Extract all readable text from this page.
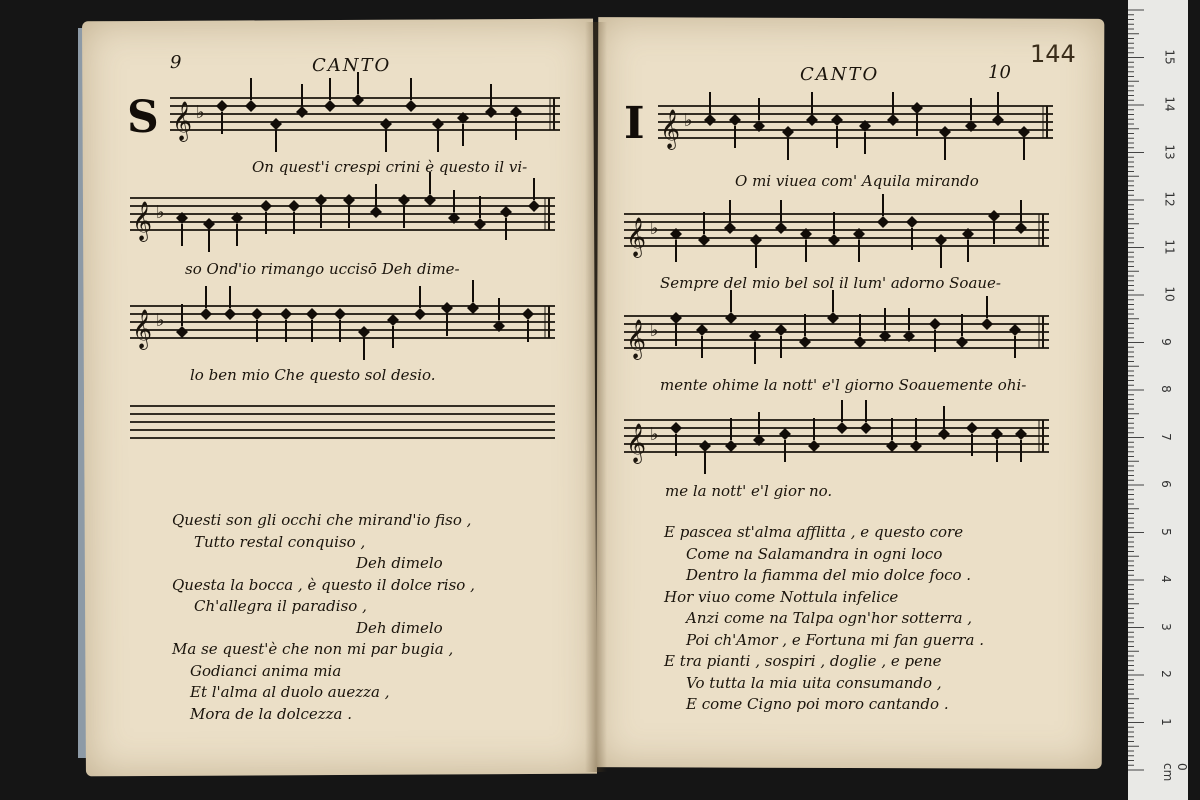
9	CANTO
S 𝄞 ♭
On quest'i crespi crini è questo il vi-
𝄞 ♭
so Ond'io rimango uccisō Deh dime-
𝄞 ♭
lo ben mio Che questo sol desio.
Questi son gli occhi che mirand'io fiso ,
Tutto restal conquiso ,
Deh dimelo
Questa la bocca , è questo il dolce riso ,
Ch'allegra il paradiso ,
Deh dimelo
Ma se quest'è che non mi par bugia ,
Godianci anima mia
Et l'alma al duolo auezza ,
Mora de la dolcezza .
CANTO	10
144
I 𝄞 ♭
O mi viuea com' Aquila mirando
𝄞 ♭
Sempre del mio bel sol il lum' adorno Soaue-
𝄞 ♭
mente ohime la nott' e'l giorno Soauemente ohi-
𝄞 ♭
me la nott' e'l gior no.
E pascea st'alma afflitta , e questo core
Come na Salamandra in ogni loco
Dentro la fiamma del mio dolce foco .
Hor viuo come Nottula infelice
Anzi come na Talpa ogn'hor sotterra ,
Poi ch'Amor , e Fortuna mi fan guerra .
E tra pianti , sospiri , doglie , e pene
Vo tutta la mia uita consumando ,
E come Cigno poi moro cantando .
15
14
13
12
11
10
9
8
7
6
5
4
3
2
1
0 cm
